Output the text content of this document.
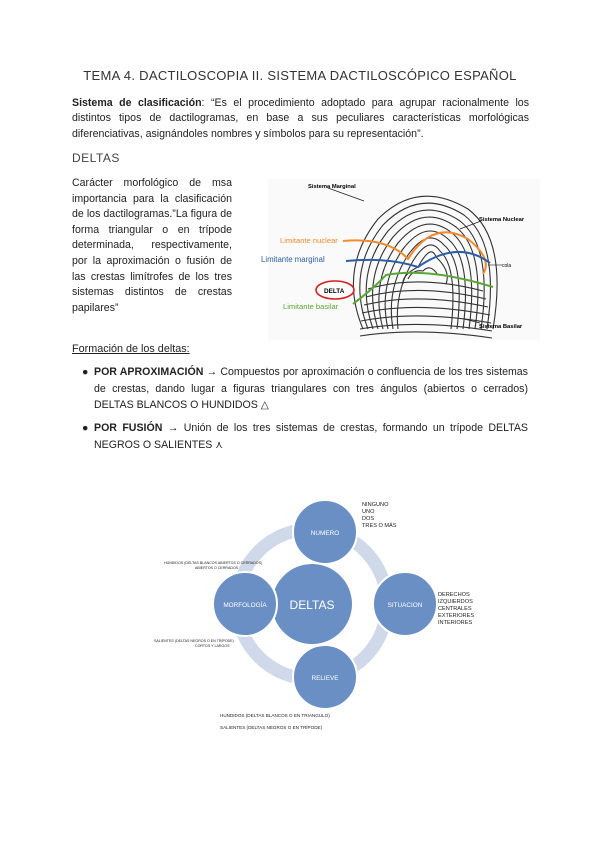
TEMA 4. DACTILOSCOPIA II. SISTEMA DACTILOSCÓPICO ESPAÑOL
Sistema de clasificación: “Es el procedimiento adoptado para agrupar racionalmente los distintos tipos de dactilogramas, en base a sus peculiares características morfológicas diferenciativas, asignándoles nombres y símbolos para su representación”.
DELTAS
Carácter morfológico de msa importancia para la clasificación de los dactilogramas.”La figura de forma triangular o en trípode determinada, respectivamente, por la aproximación o fusión de las crestas limítrofes de los tres sistemas distintos de crestas papilares”
Sistema Marginal
Sistema Nuclear
Sistema Basilar
Limitante nuclear
Limitante marginal
Limitante basilar
DELTA
cola
Formación de los deltas:
● POR APROXIMACIÓN → Compuestos por aproximación o confluencia de los tres sistemas de crestas, dando lugar a figuras triangulares con tres ángulos (abiertos o cerrados) DELTAS BLANCOS O HUNDIDOS △
● POR FUSIÓN → Unión de los tres sistemas de crestas, formando un trípode DELTAS NEGROS O SALIENTES ⋏
DELTAS
NUMERO
SITUACION
RELIEVE
MORFOLOGÍA
NINGUNO
UNO
DOS
TRES O MÁS
DERECHOS
IZQUIERDOS
CENTRALES
EXTERIORES
INTERIORES
HUNDIDOS (DELTAS BLANCOS ABIERTOS O CERRADOS)
ABIERTOS O CERRADOS
SALIENTES (DELTAS NEGROS O EN TRÍPODE)
CORTOS Y LARGOS
HUNDIDOS (DELTAS BLANCOS O EN TRIANGULO)
SALIENTES (DELTAS NEGROS O EN TRÍPODE)
